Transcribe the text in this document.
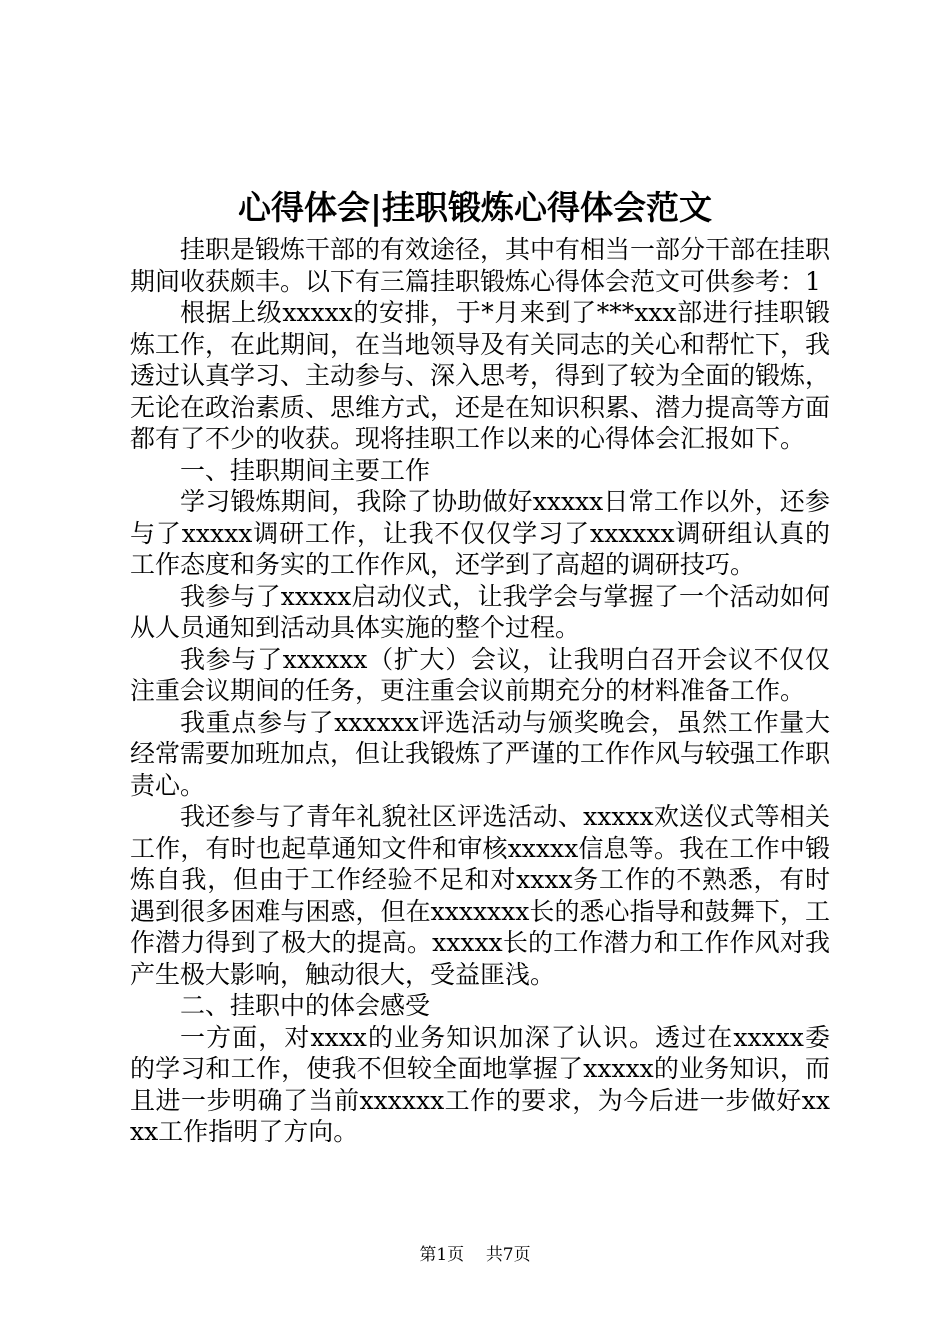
心得体会|挂职锻炼心得体会范文

挂职是锻炼干部的有效途径，其中有相当一部分干部在挂职期间收获颇丰。以下有三篇挂职锻炼心得体会范文可供参考：1

根据上级xxxxx的安排，于*月来到了***xxx部进行挂职锻炼工作，在此期间，在当地领导及有关同志的关心和帮忙下，我透过认真学习、主动参与、深入思考，得到了较为全面的锻炼，无论在政治素质、思维方式，还是在知识积累、潜力提高等方面都有了不少的收获。现将挂职工作以来的心得体会汇报如下。

一、挂职期间主要工作

学习锻炼期间，我除了协助做好xxxxx日常工作以外，还参与了xxxxx调研工作，让我不仅仅学习了xxxxxx调研组认真的工作态度和务实的工作作风，还学到了高超的调研技巧。

我参与了xxxxx启动仪式，让我学会与掌握了一个活动如何从人员通知到活动具体实施的整个过程。

我参与了xxxxxx（扩大）会议，让我明白召开会议不仅仅注重会议期间的任务，更注重会议前期充分的材料准备工作。

我重点参与了xxxxxx评选活动与颁奖晚会，虽然工作量大经常需要加班加点，但让我锻炼了严谨的工作作风与较强工作职责心。

我还参与了青年礼貌社区评选活动、xxxxx欢送仪式等相关工作，有时也起草通知文件和审核xxxxx信息等。我在工作中锻炼自我，但由于工作经验不足和对xxxx务工作的不熟悉，有时遇到很多困难与困惑，但在xxxxxxx长的悉心指导和鼓舞下，工作潜力得到了极大的提高。xxxxx长的工作潜力和工作作风对我产生极大影响，触动很大，受益匪浅。

二、挂职中的体会感受

一方面，对xxxx的业务知识加深了认识。透过在xxxxx委的学习和工作，使我不但较全面地掌握了xxxxx的业务知识，而且进一步明确了当前xxxxxx工作的要求，为今后进一步做好xxxx工作指明了方向。

第1页 共7页
